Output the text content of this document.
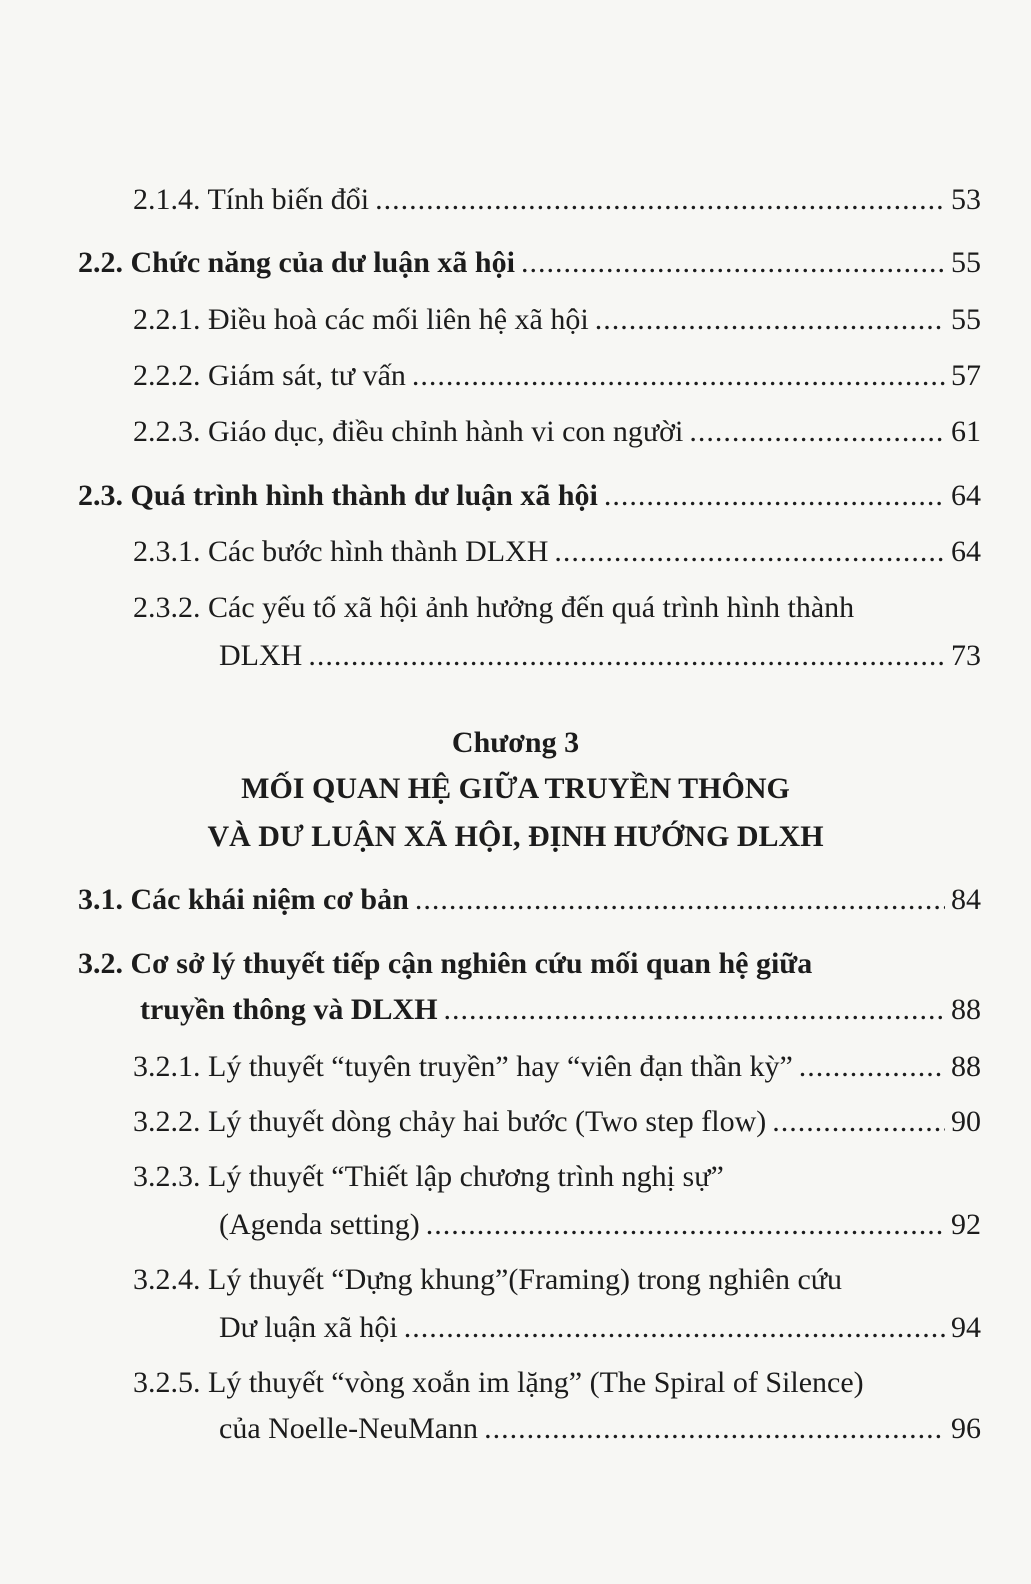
2.1.4. Tính biến đổi .....	53
2.2. Chức năng của dư luận xã hội .....	55
2.2.1. Điều hoà các mối liên hệ xã hội .....	55
2.2.2. Giám sát, tư vấn .....	57
2.2.3. Giáo dục, điều chỉnh hành vi con người .....	61
2.3. Quá trình hình thành dư luận xã hội .....	64
2.3.1. Các bước hình thành DLXH .....	64
2.3.2. Các yếu tố xã hội ảnh hưởng đến quá trình hình thành
DLXH .....	73
Chương 3
MỐI QUAN HỆ GIỮA TRUYỀN THÔNG
VÀ DƯ LUẬN XÃ HỘI, ĐỊNH HƯỚNG DLXH
3.1. Các khái niệm cơ bản .....	84
3.2. Cơ sở lý thuyết tiếp cận nghiên cứu mối quan hệ giữa
truyền thông và DLXH .....	88
3.2.1. Lý thuyết “tuyên truyền” hay “viên đạn thần kỳ” .....	88
3.2.2. Lý thuyết dòng chảy hai bước (Two step flow) .....	90
3.2.3. Lý thuyết “Thiết lập chương trình nghị sự”
(Agenda setting) .....	92
3.2.4. Lý thuyết “Dựng khung”(Framing) trong nghiên cứu
Dư luận xã hội .....	94
3.2.5. Lý thuyết “vòng xoắn im lặng” (The Spiral of Silence)
của Noelle-NeuMann .....	96
